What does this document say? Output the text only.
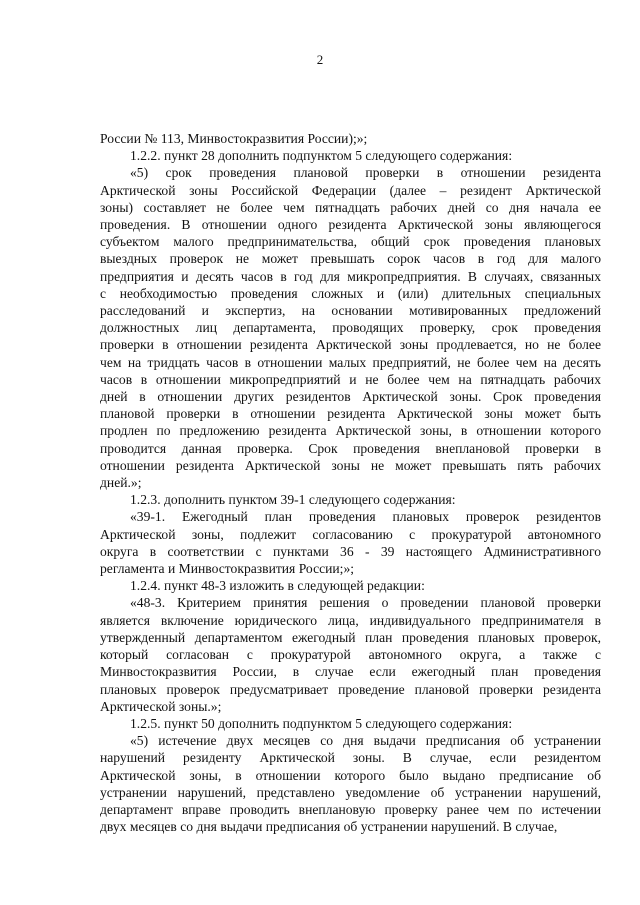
2
России № 113, Минвостокразвития России);»;
1.2.2. пункт 28 дополнить подпунктом 5 следующего содержания:
«5) срок проведения плановой проверки в отношении резидента
Арктической зоны Российской Федерации (далее – резидент Арктической
зоны) составляет не более чем пятнадцать рабочих дней со дня начала ее
проведения. В отношении одного резидента Арктической зоны являющегося
субъектом малого предпринимательства, общий срок проведения плановых
выездных проверок не может превышать сорок часов в год для малого
предприятия и десять часов в год для микропредприятия. В случаях, связанных
с необходимостью проведения сложных и (или) длительных специальных
расследований и экспертиз, на основании мотивированных предложений
должностных лиц департамента, проводящих проверку, срок проведения
проверки в отношении резидента Арктической зоны продлевается, но не более
чем на тридцать часов в отношении малых предприятий, не более чем на десять
часов в отношении микропредприятий и не более чем на пятнадцать рабочих
дней в отношении других резидентов Арктической зоны. Срок проведения
плановой проверки в отношении резидента Арктической зоны может быть
продлен по предложению резидента Арктической зоны, в отношении которого
проводится данная проверка. Срок проведения внеплановой проверки в
отношении резидента Арктической зоны не может превышать пять рабочих
дней.»;
1.2.3. дополнить пунктом 39-1 следующего содержания:
«39-1. Ежегодный план проведения плановых проверок резидентов
Арктической зоны, подлежит согласованию с прокуратурой автономного
округа в соответствии с пунктами 36 - 39 настоящего Административного
регламента и Минвостокразвития России;»;
1.2.4. пункт 48-3 изложить в следующей редакции:
«48-3. Критерием принятия решения о проведении плановой проверки
является включение юридического лица, индивидуального предпринимателя в
утвержденный департаментом ежегодный план проведения плановых проверок,
который согласован с прокуратурой автономного округа, а также с
Минвостокразвития России, в случае если ежегодный план проведения
плановых проверок предусматривает проведение плановой проверки резидента
Арктической зоны.»;
1.2.5. пункт 50 дополнить подпунктом 5 следующего содержания:
«5) истечение двух месяцев со дня выдачи предписания об устранении
нарушений резиденту Арктической зоны. В случае, если резидентом
Арктической зоны, в отношении которого было выдано предписание об
устранении нарушений, представлено уведомление об устранении нарушений,
департамент вправе проводить внеплановую проверку ранее чем по истечении
двух месяцев со дня выдачи предписания об устранении нарушений. В случае,
